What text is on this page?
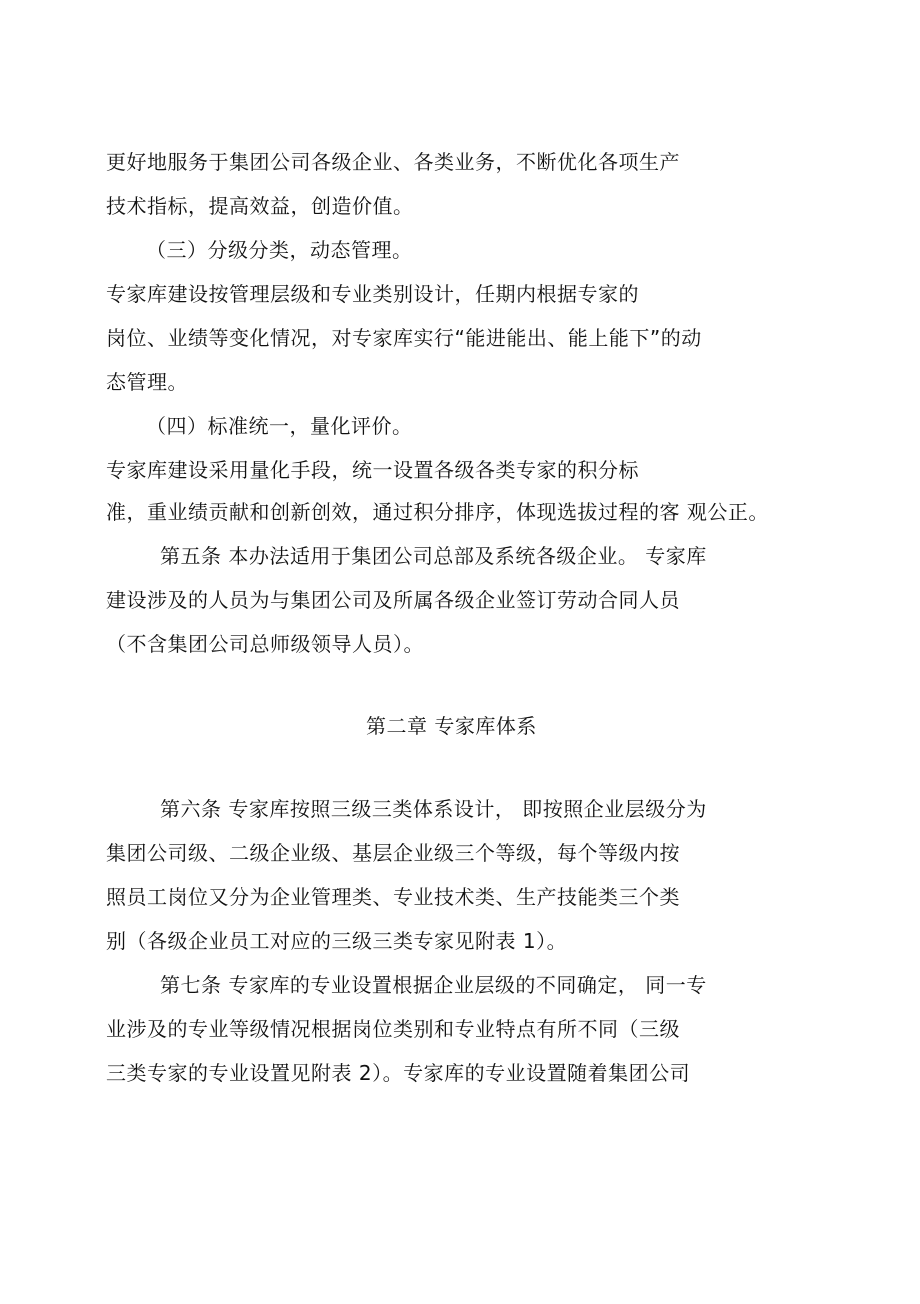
更好地服务于集团公司各级企业、各类业务，不断优化各项生产
技术指标，提高效益，创造价值。
（三）分级分类，动态管理。
专家库建设按管理层级和专业类别设计，任期内根据专家的
岗位、业绩等变化情况，对专家库实行“能进能出、能上能下”的动
态管理。
（四）标准统一，量化评价。
专家库建设采用量化手段，统一设置各级各类专家的积分标
准，重业绩贡献和创新创效，通过积分排序，体现选拔过程的客 观公正。
第五条 本办法适用于集团公司总部及系统各级企业。 专家库
建设涉及的人员为与集团公司及所属各级企业签订劳动合同人员
（不含集团公司总师级领导人员）。
第二章 专家库体系
第六条 专家库按照三级三类体系设计， 即按照企业层级分为
集团公司级、二级企业级、基层企业级三个等级，每个等级内按
照员工岗位又分为企业管理类、专业技术类、生产技能类三个类
别（各级企业员工对应的三级三类专家见附表 1）。
第七条 专家库的专业设置根据企业层级的不同确定， 同一专
业涉及的专业等级情况根据岗位类别和专业特点有所不同（三级
三类专家的专业设置见附表 2）。专家库的专业设置随着集团公司
